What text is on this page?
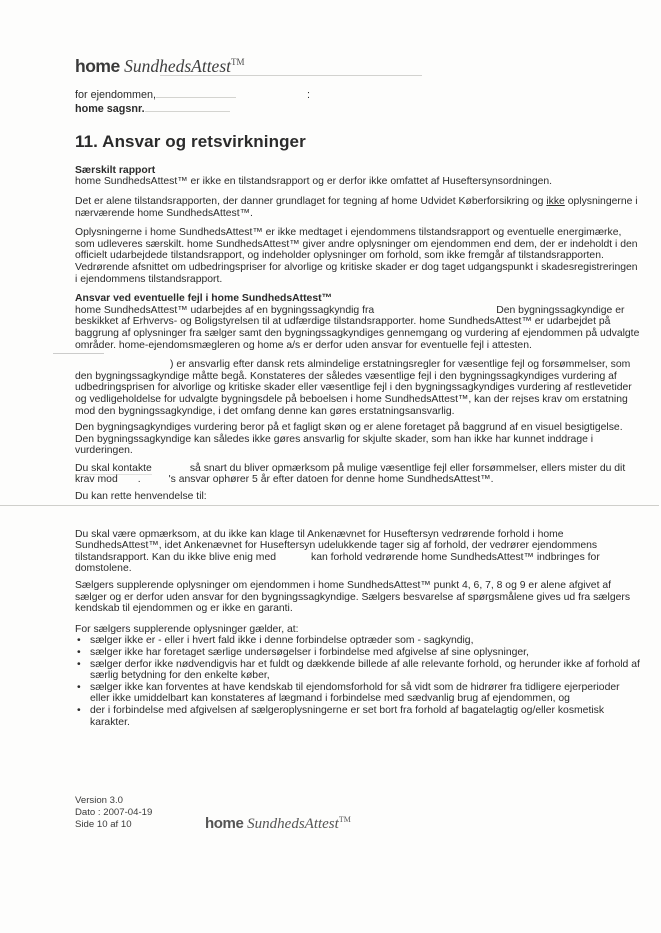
home SundhedsAttest™
for ejendommen,	:
home sagsnr.
11. Ansvar og retsvirkninger

Særskilt rapport

home SundhedsAttest™ er ikke en tilstandsrapport og er derfor ikke omfattet af Huseftersynsordningen.

Det er alene tilstandsrapporten, der danner grundlaget for tegning af home Udvidet Køberforsikring og ikke oplysningerne i nærværende home SundhedsAttest™.

Oplysningerne i home SundhedsAttest™ er ikke medtaget i ejendommens tilstandsrapport og eventuelle energimærke, som udleveres særskilt. home SundhedsAttest™ giver andre oplysninger om ejendommen end dem, der er indeholdt i den officielt udarbejdede tilstandsrapport, og indeholder oplysninger om forhold, som ikke fremgår af tilstandsrapporten. Vedrørende afsnittet om udbedringspriser for alvorlige og kritiske skader er dog taget udgangspunkt i skadesregistreringen i ejendommens tilstandsrapport.

Ansvar ved eventuelle fejl i home SundhedsAttest™

home SundhedsAttest™ udarbejdes af en bygningssagkyndig fra	Den bygningssagkyndige er beskikket af Erhvervs- og Boligstyrelsen til at udfærdige tilstandsrapporter. home SundhedsAttest™ er udarbejdet på baggrung af oplysninger fra sælger samt den bygningssagkyndiges gennemgang og vurdering af ejendommen på udvalgte områder. home-ejendomsmægleren og home a/s er derfor uden ansvar for eventuelle fejl i attesten.

) er ansvarlig efter dansk rets almindelige erstatningsregler for væsentlige fejl og forsømmelser, som den bygningssagkyndige måtte begå. Konstateres der således væsentlige fejl i den bygningssagkyndiges vurdering af udbedringsprisen for alvorlige og kritiske skader eller væsentlige fejl i den bygningssagkyndiges vurdering af restlevetider og vedligeholdelse for udvalgte bygningsdele på beboelsen i home SundhedsAttest™, kan der rejses krav om erstatning mod den bygningssagkyndige, i det omfang denne kan gøres erstatningsansvarlig.

Den bygningsagkyndiges vurdering beror på et fagligt skøn og er alene foretaget på baggrund af en visuel besigtigelse. Den bygningssagkyndige kan således ikke gøres ansvarlig for skjulte skader, som han ikke har kunnet inddrage i vurderingen.

Du skal kontakte	så snart du bliver opmærksom på mulige væsentlige fejl eller forsømmelser, ellers mister du dit krav mod .	's ansvar ophører 5 år efter datoen for denne home SundhedsAttest™.

Du kan rette henvendelse til:

Du skal være opmærksom, at du ikke kan klage til Ankenævnet for Huseftersyn vedrørende forhold i home SundhedsAttest™, idet Ankenævnet for Huseftersyn udelukkende tager sig af forhold, der vedrører ejendommens tilstandsrapport. Kan du ikke blive enig med	kan forhold vedrørende home SundhedsAttest™ indbringes for domstolene.

Sælgers supplerende oplysninger om ejendommen i home SundhedsAttest™ punkt 4, 6, 7, 8 og 9 er alene afgivet af sælger og er derfor uden ansvar for den bygningssagkyndige. Sælgers besvarelse af spørgsmålene gives ud fra sælgers kendskab til ejendommen og er ikke en garanti.

For sælgers supplerende oplysninger gælder, at:

• sælger ikke er - eller i hvert fald ikke i denne forbindelse optræder som - sagkyndig,
• sælger ikke har foretaget særlige undersøgelser i forbindelse med afgivelse af sine oplysninger,
• sælger derfor ikke nødvendigvis har et fuldt og dækkende billede af alle relevante forhold, og herunder ikke af forhold af særlig betydning for den enkelte køber,
• sælger ikke kan forventes at have kendskab til ejendomsforhold for så vidt som de hidrører fra tidligere ejerperioder eller ikke umiddelbart kan konstateres af lægmand i forbindelse med sædvanlig brug af ejendommen, og
• der i forbindelse med afgivelsen af sælgeroplysningerne er set bort fra forhold af bagatelagtig og/eller kosmetisk karakter.
Version 3.0
Dato : 2007-04-19
Side 10 af 10	home SundhedsAttest™
